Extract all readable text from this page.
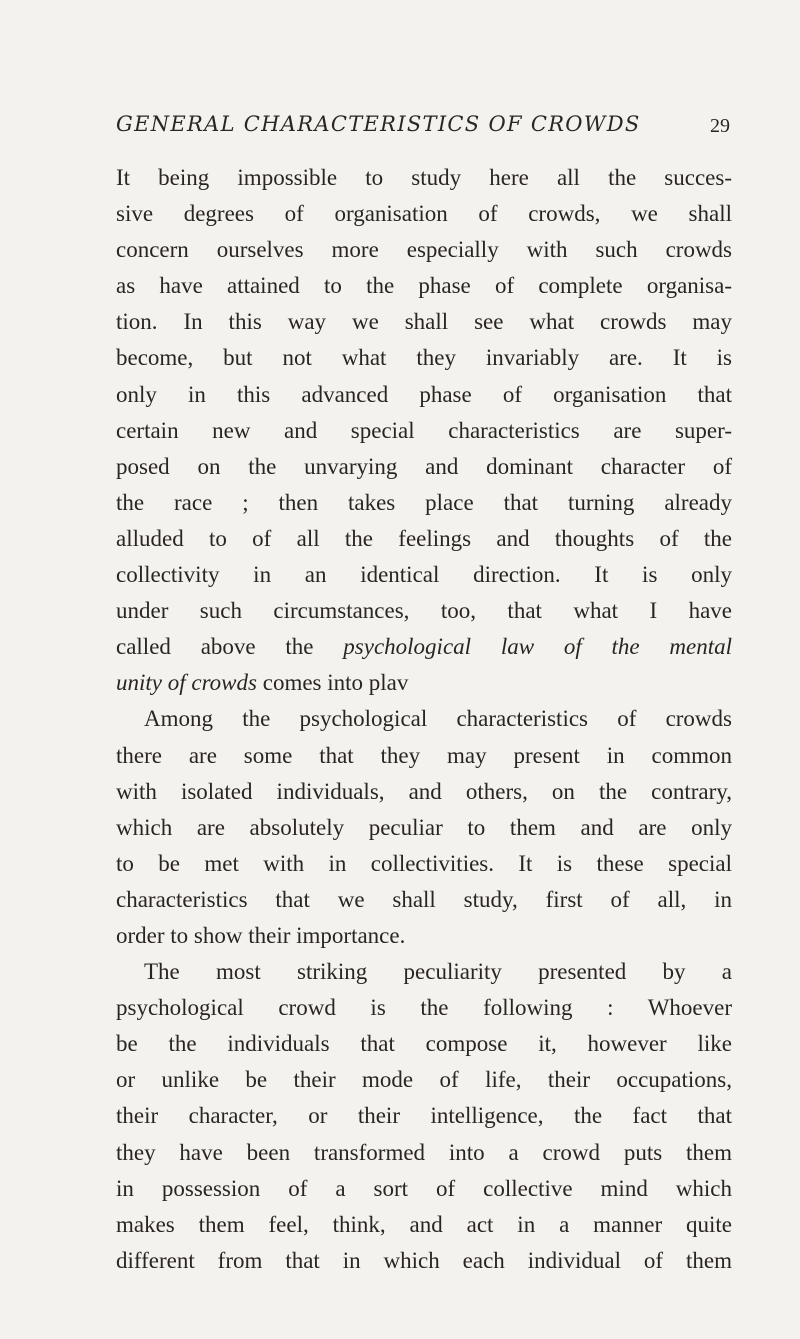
GENERAL CHARACTERISTICS OF CROWDS	29
It being impossible to study here all the succes-
sive degrees of organisation of crowds, we shall
concern ourselves more especially with such crowds
as have attained to the phase of complete organisa-
tion. In this way we shall see what crowds may
become, but not what they invariably are. It is
only in this advanced phase of organisation that
certain new and special characteristics are super-
posed on the unvarying and dominant character of
the race ; then takes place that turning already
alluded to of all the feelings and thoughts of the
collectivity in an identical direction. It is only
under such circumstances, too, that what I have
called above the psychological law of the mental
unity of crowds comes into plav
Among the psychological characteristics of crowds
there are some that they may present in common
with isolated individuals, and others, on the contrary,
which are absolutely peculiar to them and are only
to be met with in collectivities. It is these special
characteristics that we shall study, first of all, in
order to show their importance.
The most striking peculiarity presented by a
psychological crowd is the following : Whoever
be the individuals that compose it, however like
or unlike be their mode of life, their occupations,
their character, or their intelligence, the fact that
they have been transformed into a crowd puts them
in possession of a sort of collective mind which
makes them feel, think, and act in a manner quite
different from that in which each individual of them
